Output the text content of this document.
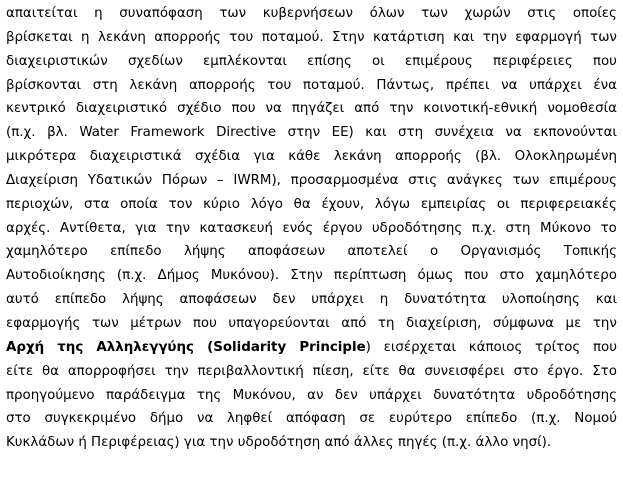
απαιτείται η συναπόφαση των κυβερνήσεων όλων των χωρών στις οποίες
βρίσκεται η λεκάνη απορροής του ποταμού. Στην κατάρτιση και την εφαρμογή των
διαχειριστικών σχεδίων εμπλέκονται επίσης οι επιμέρους περιφέρειες που
βρίσκονται στη λεκάνη απορροής του ποταμού. Πάντως, πρέπει να υπάρχει ένα
κεντρικό διαχειριστικό σχέδιο που να πηγάζει από την κοινοτική-εθνική νομοθεσία
(π.χ. βλ. Water Framework Directive στην ΕΕ) και στη συνέχεια να εκπονούνται
μικρότερα διαχειριστικά σχέδια για κάθε λεκάνη απορροής (βλ. Ολοκληρωμένη
Διαχείριση Υδατικών Πόρων – IWRM), προσαρμοσμένα στις ανάγκες των επιμέρους
περιοχών, στα οποία τον κύριο λόγο θα έχουν, λόγω εμπειρίας οι περιφερειακές
αρχές. Αντίθετα, για την κατασκευή ενός έργου υδροδότησης π.χ. στη Μύκονο το
χαμηλότερο επίπεδο λήψης αποφάσεων αποτελεί ο Οργανισμός Τοπικής
Αυτοδιοίκησης (π.χ. Δήμος Μυκόνου). Στην περίπτωση όμως που στο χαμηλότερο
αυτό επίπεδο λήψης αποφάσεων δεν υπάρχει η δυνατότητα υλοποίησης και
εφαρμογής των μέτρων που υπαγορεύονται από τη διαχείριση, σύμφωνα με την
Αρχή της Αλληλεγγύης (Solidarity Principle) εισέρχεται κάποιος τρίτος που
είτε θα απορροφήσει την περιβαλλοντική πίεση, είτε θα συνεισφέρει στο έργο. Στο
προηγούμενο παράδειγμα της Μυκόνου, αν δεν υπάρχει δυνατότητα υδροδότησης
στο συγκεκριμένο δήμο να ληφθεί απόφαση σε ευρύτερο επίπεδο (π.χ. Νομού
Κυκλάδων ή Περιφέρειας) για την υδροδότηση από άλλες πηγές (π.χ. άλλο νησί).
